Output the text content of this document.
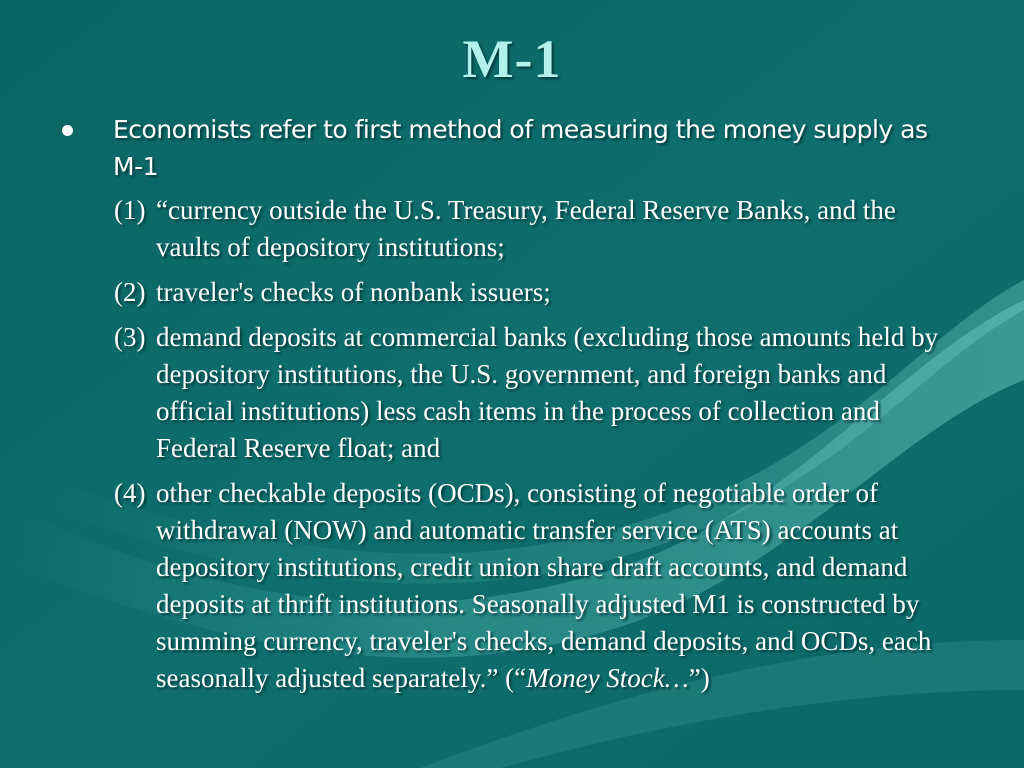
M-1
Economists refer to first method of measuring the money supply as M-1
(1) “currency outside the U.S. Treasury, Federal Reserve Banks, and the vaults of depository institutions;
(2) traveler's checks of nonbank issuers;
(3) demand deposits at commercial banks (excluding those amounts held by depository institutions, the U.S. government, and foreign banks and official institutions) less cash items in the process of collection and Federal Reserve float; and
(4) other checkable deposits (OCDs), consisting of negotiable order of withdrawal (NOW) and automatic transfer service (ATS) accounts at depository institutions, credit union share draft accounts, and demand deposits at thrift institutions. Seasonally adjusted M1 is constructed by summing currency, traveler's checks, demand deposits, and OCDs, each seasonally adjusted separately.” (“Money Stock…”)
